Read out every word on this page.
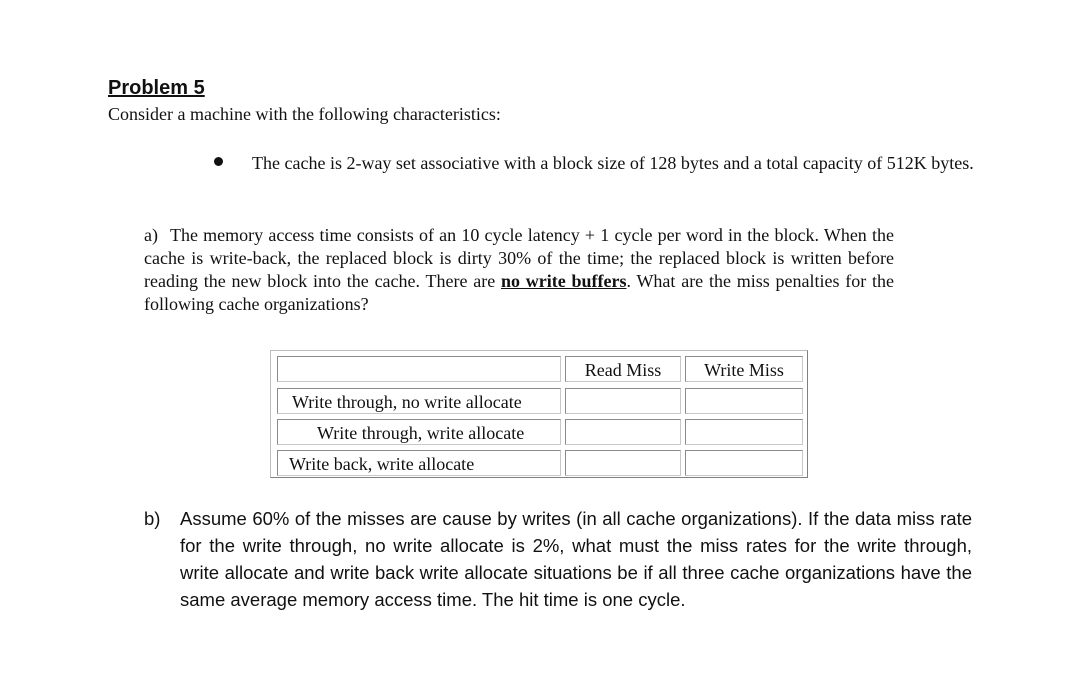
Problem 5

Consider a machine with the following characteristics:

The cache is 2-way set associative with a block size of 128 bytes and a total capacity of 512K bytes.

a) The memory access time consists of an 10 cycle latency + 1 cycle per word in the block. When the cache is write-back, the replaced block is dirty 30% of the time; the replaced block is written before reading the new block into the cache. There are no write buffers. What are the miss penalties for the following cache organizations?

Read Miss	Write Miss
Write through, no write allocate
Write through, write allocate
Write back, write allocate
b) Assume 60% of the misses are cause by writes (in all cache organizations). If the data miss rate for the write through, no write allocate is 2%, what must the miss rates for the write through, write allocate and write back write allocate situations be if all three cache organizations have the same average memory access time. The hit time is one cycle.
